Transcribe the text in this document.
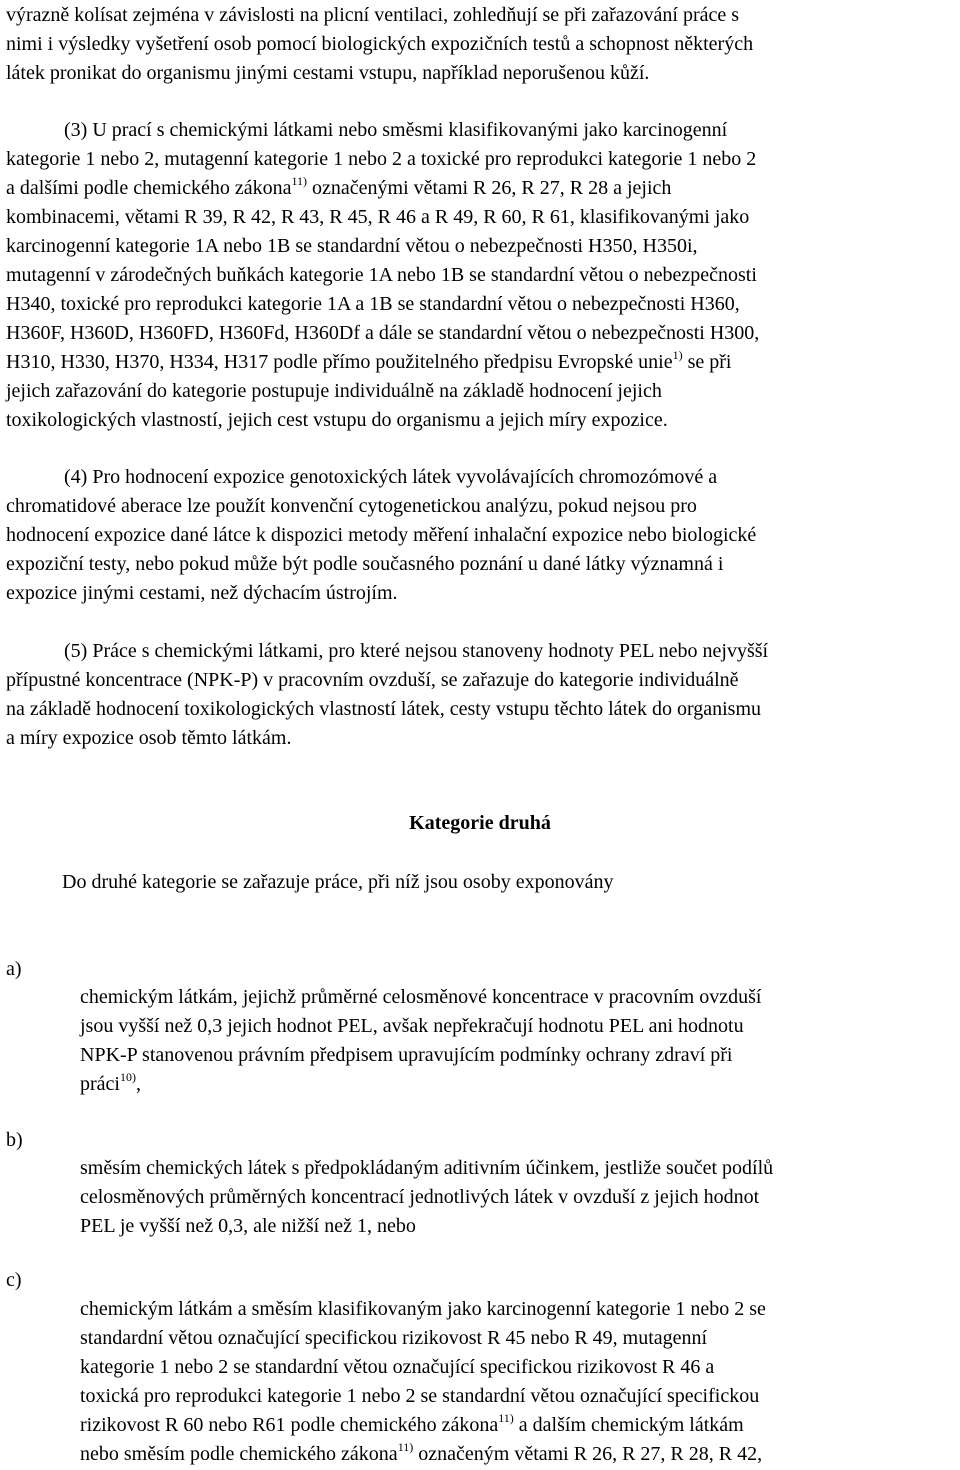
výrazně kolísat zejména v závislosti na plicní ventilaci, zohledňují se při zařazování práce s
nimi i výsledky vyšetření osob pomocí biologických expozičních testů a schopnost některých
látek pronikat do organismu jinými cestami vstupu, například neporušenou kůží.
(3) U prací s chemickými látkami nebo směsmi klasifikovanými jako karcinogenní
kategorie 1 nebo 2, mutagenní kategorie 1 nebo 2 a toxické pro reprodukci kategorie 1 nebo 2
a dalšími podle chemického zákona$^{11)}$ označenými větami R 26, R 27, R 28 a jejich
kombinacemi, větami R 39, R 42, R 43, R 45, R 46 a R 49, R 60, R 61, klasifikovanými jako
karcinogenní kategorie 1A nebo 1B se standardní větou o nebezpečnosti H350, H350i,
mutagenní v zárodečných buňkách kategorie 1A nebo 1B se standardní větou o nebezpečnosti
H340, toxické pro reprodukci kategorie 1A a 1B se standardní větou o nebezpečnosti H360,
H360F, H360D, H360FD, H360Fd, H360Df a dále se standardní větou o nebezpečnosti H300,
H310, H330, H370, H334, H317 podle přímo použitelného předpisu Evropské unie$^{1)}$ se při
jejich zařazování do kategorie postupuje individuálně na základě hodnocení jejich
toxikologických vlastností, jejich cest vstupu do organismu a jejich míry expozice.
(4) Pro hodnocení expozice genotoxických látek vyvolávajících chromozómové a
chromatidové aberace lze použít konvenční cytogenetickou analýzu, pokud nejsou pro
hodnocení expozice dané látce k dispozici metody měření inhalační expozice nebo biologické
expoziční testy, nebo pokud může být podle současného poznání u dané látky významná i
expozice jinými cestami, než dýchacím ústrojím.
(5) Práce s chemickými látkami, pro které nejsou stanoveny hodnoty PEL nebo nejvyšší
přípustné koncentrace (NPK-P) v pracovním ovzduší, se zařazuje do kategorie individuálně
na základě hodnocení toxikologických vlastností látek, cesty vstupu těchto látek do organismu
a míry expozice osob těmto látkám.
Kategorie druhá
Do druhé kategorie se zařazuje práce, při níž jsou osoby exponovány
a)
chemickým látkám, jejichž průměrné celosměnové koncentrace v pracovním ovzduší
jsou vyšší než 0,3 jejich hodnot PEL, avšak nepřekračují hodnotu PEL ani hodnotu
NPK-P stanovenou právním předpisem upravujícím podmínky ochrany zdraví při
práci$^{10)}$,
b)
směsím chemických látek s předpokládaným aditivním účinkem, jestliže součet podílů
celosměnových průměrných koncentrací jednotlivých látek v ovzduší z jejich hodnot
PEL je vyšší než 0,3, ale nižší než 1, nebo
c)
chemickým látkám a směsím klasifikovaným jako karcinogenní kategorie 1 nebo 2 se
standardní větou označující specifickou rizikovost R 45 nebo R 49, mutagenní
kategorie 1 nebo 2 se standardní větou označující specifickou rizikovost R 46 a
toxická pro reprodukci kategorie 1 nebo 2 se standardní větou označující specifickou
rizikovost R 60 nebo R61 podle chemického zákona$^{11)}$ a dalším chemickým látkám
nebo směsím podle chemického zákona$^{11)}$ označeným větami R 26, R 27, R 28, R 42,
